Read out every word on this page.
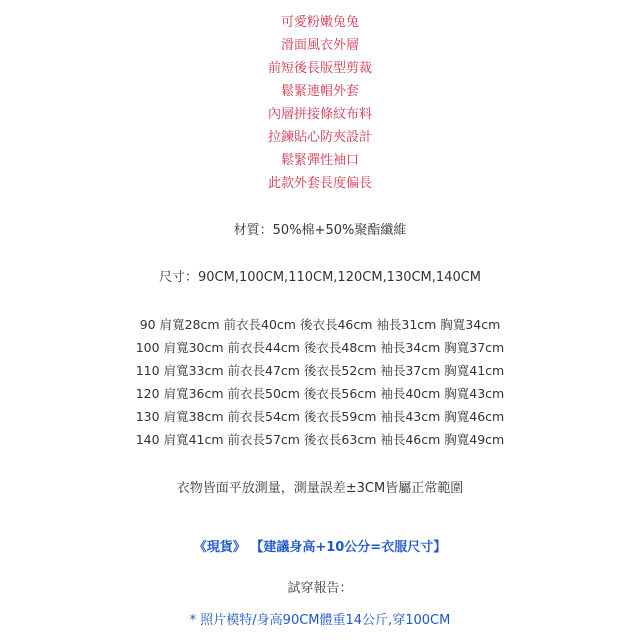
可愛粉嫩兔兔
滑面風衣外層
前短後長版型剪裁
鬆緊連帽外套
內層拼接條紋布料
拉鍊貼心防夾設計
鬆緊彈性袖口
此款外套長度偏長
材質：50%棉+50%聚酯纖維
尺寸：90CM,100CM,110CM,120CM,130CM,140CM
90 肩寬28cm 前衣長40cm 後衣長46cm 袖長31cm 胸寬34cm
100 肩寬30cm 前衣長44cm 後衣長48cm 袖長34cm 胸寬37cm
110 肩寬33cm 前衣長47cm 後衣長52cm 袖長37cm 胸寬41cm
120 肩寬36cm 前衣長50cm 後衣長56cm 袖長40cm 胸寬43cm
130 肩寬38cm 前衣長54cm 後衣長59cm 袖長43cm 胸寬46cm
140 肩寬41cm 前衣長57cm 後衣長63cm 袖長46cm 胸寬49cm
衣物皆面平放測量，測量誤差±3CM皆屬正常範圍
《現貨》 【建議身高+10公分=衣服尺寸】
試穿報告：
* 照片模特/身高90CM體重14公斤,穿100CM
